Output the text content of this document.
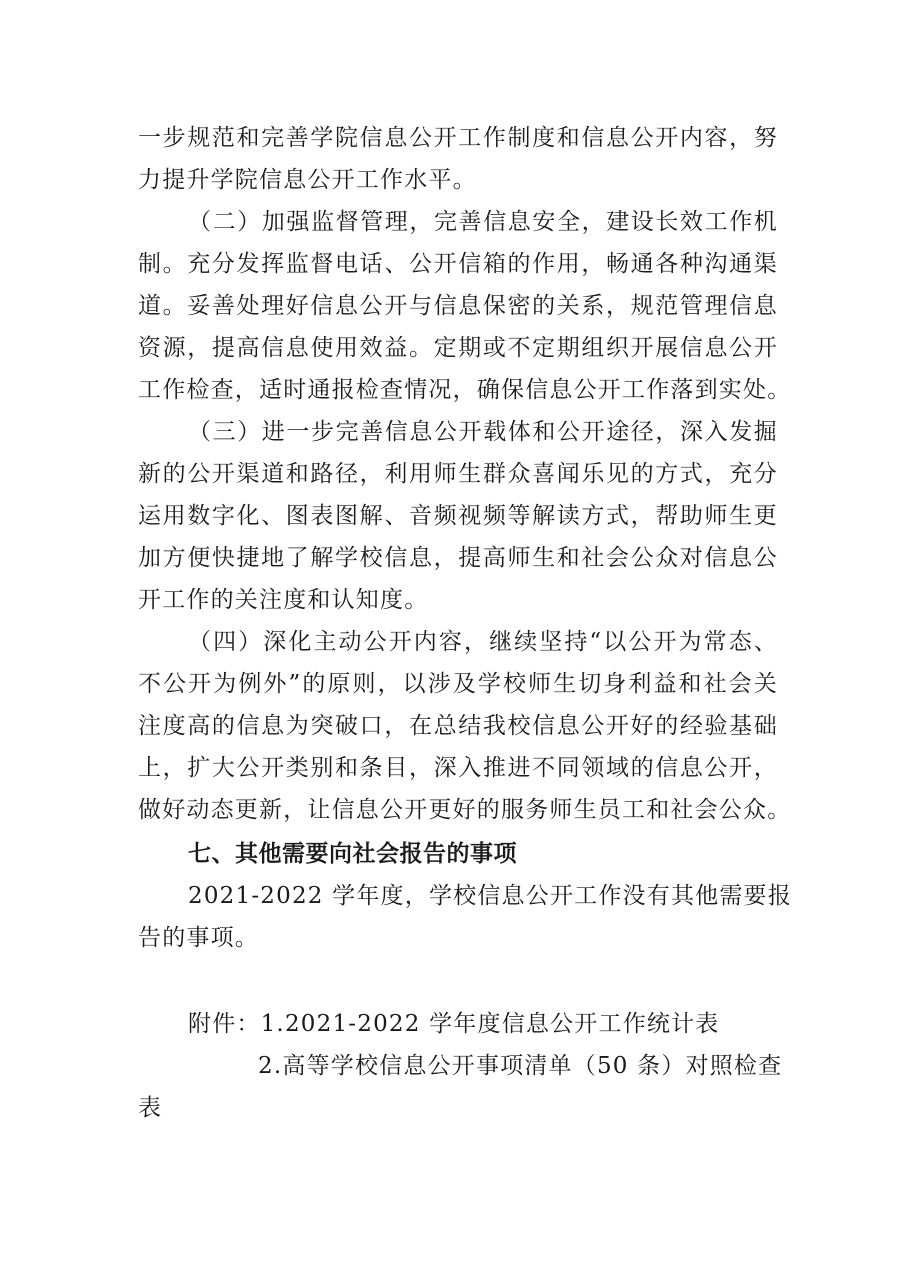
一步规范和完善学院信息公开工作制度和信息公开内容，努
力提升学院信息公开工作水平。
（二）加强监督管理，完善信息安全，建设长效工作机
制。充分发挥监督电话、公开信箱的作用，畅通各种沟通渠
道。妥善处理好信息公开与信息保密的关系，规范管理信息
资源，提高信息使用效益。定期或不定期组织开展信息公开
工作检查，适时通报检查情况，确保信息公开工作落到实处。
（三）进一步完善信息公开载体和公开途径，深入发掘
新的公开渠道和路径，利用师生群众喜闻乐见的方式，充分
运用数字化、图表图解、音频视频等解读方式，帮助师生更
加方便快捷地了解学校信息，提高师生和社会公众对信息公
开工作的关注度和认知度。
（四）深化主动公开内容，继续坚持“以公开为常态、
不公开为例外”的原则，以涉及学校师生切身利益和社会关
注度高的信息为突破口，在总结我校信息公开好的经验基础
上，扩大公开类别和条目，深入推进不同领域的信息公开，
做好动态更新，让信息公开更好的服务师生员工和社会公众。
七、其他需要向社会报告的事项
2021-2022 学年度，学校信息公开工作没有其他需要报
告的事项。
附件：1.2021-2022 学年度信息公开工作统计表
2.高等学校信息公开事项清单（50 条）对照检查
表
